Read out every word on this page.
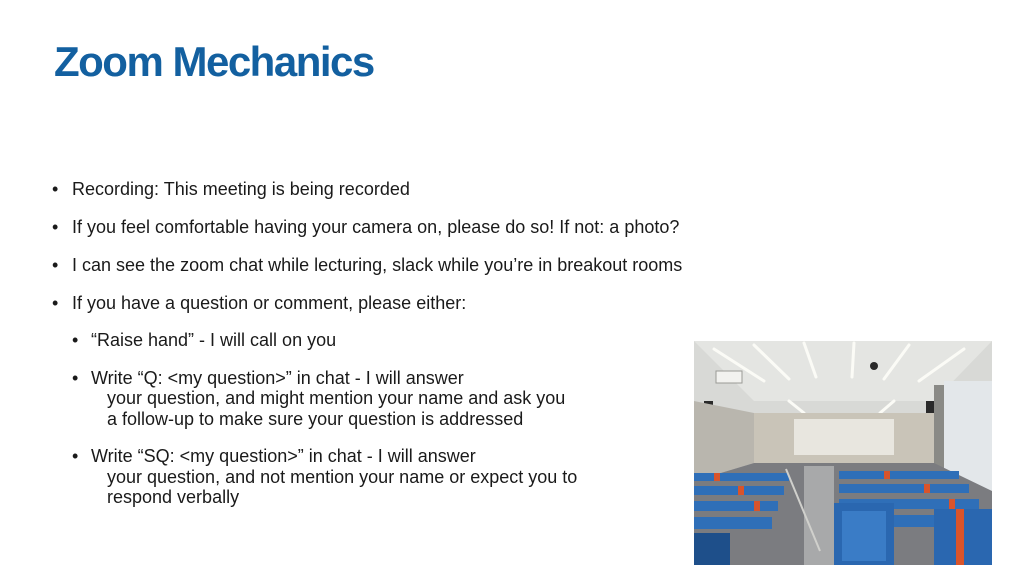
Zoom Mechanics
• Recording: This meeting is being recorded
• If you feel comfortable having your camera on, please do so! If not: a photo?
• I can see the zoom chat while lecturing, slack while you’re in breakout rooms
• If you have a question or comment, please either:
• “Raise hand” - I will call on you
• Write “Q: <my question>” in chat - I will answer
your question, and might mention your name and ask you
a follow-up to make sure your question is addressed
• Write “SQ: <my question>” in chat - I will answer
your question, and not mention your name or expect you to
respond verbally
